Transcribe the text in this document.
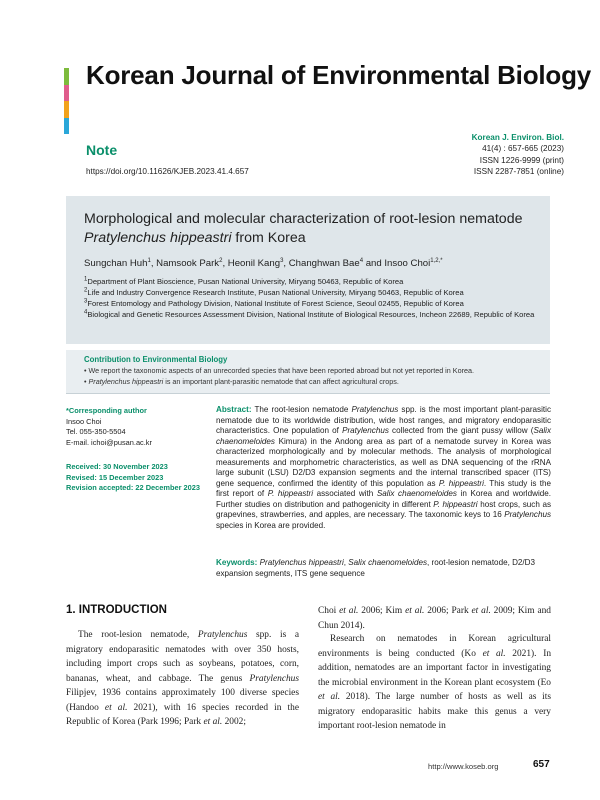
Korean Journal of Environmental Biology
Note
https://doi.org/10.11626/KJEB.2023.41.4.657
Korean J. Environ. Biol.
41(4) : 657-665 (2023)
ISSN 1226-9999 (print)
ISSN 2287-7851 (online)
Morphological and molecular characterization of root-lesion nematode Pratylenchus hippeastri from Korea
Sungchan Huh$^1$, Namsook Park$^2$, Heonil Kang$^3$, Changhwan Bae$^4$ and Insoo Choi$^{1,2,*}$
$^1$Department of Plant Bioscience, Pusan National University, Miryang 50463, Republic of Korea
$^2$Life and Industry Convergence Research Institute, Pusan National University, Miryang 50463, Republic of Korea
$^3$Forest Entomology and Pathology Division, National Institute of Forest Science, Seoul 02455, Republic of Korea
$^4$Biological and Genetic Resources Assessment Division, National Institute of Biological Resources, Incheon 22689, Republic of Korea
Contribution to Environmental Biology
• We report the taxonomic aspects of an unrecorded species that have been reported abroad but not yet reported in Korea.
• Pratylenchus hippeastri is an important plant-parasitic nematode that can affect agricultural crops.
*Corresponding author
Insoo Choi
Tel. 055-350-5504
E-mail. ichoi@pusan.ac.kr
Received: 30 November 2023
Revised: 15 December 2023
Revision accepted: 22 December 2023
Abstract: The root-lesion nematode Pratylenchus spp. is the most important plant-parasitic nematode due to its worldwide distribution, wide host ranges, and migratory endoparasitic characteristics. One population of Pratylenchus collected from the giant pussy willow (Salix chaenomeloides Kimura) in the Andong area as part of a nematode survey in Korea was characterized morphologically and by molecular methods. The analysis of morphological measurements and morphometric characteristics, as well as DNA sequencing of the rRNA large subunit (LSU) D2/D3 expansion segments and the internal transcribed spacer (ITS) gene sequence, confirmed the identity of this population as P. hippeastri. This study is the first report of P. hippeastri associated with Salix chaenomeloides in Korea and worldwide. Further studies on distribution and pathogenicity in different P. hippeastri host crops, such as grapevines, strawberries, and apples, are necessary. The taxonomic keys to 16 Pratylenchus species in Korea are provided.
Keywords: Pratylenchus hippeastri, Salix chaenomeloides, root-lesion nematode, D2/D3 expansion segments, ITS gene sequence
1. INTRODUCTION
The root-lesion nematode, Pratylenchus spp. is a migratory endoparasitic nematodes with over 350 hosts, including import crops such as soybeans, potatoes, corn, bananas, wheat, and cabbage. The genus Pratylenchus Filipjev, 1936 contains approximately 100 diverse species (Handoo et al. 2021), with 16 species recorded in the Republic of Korea (Park 1996; Park et al. 2002;
Choi et al. 2006; Kim et al. 2006; Park et al. 2009; Kim and Chun 2014).
Research on nematodes in Korean agricultural environments is being conducted (Ko et al. 2021). In addition, nematodes are an important factor in investigating the microbial environment in the Korean plant ecosystem (Eo et al. 2018). The large number of hosts as well as its migratory endoparasitic habits make this genus a very important root-lesion nematode in
http://www.koseb.org	657
